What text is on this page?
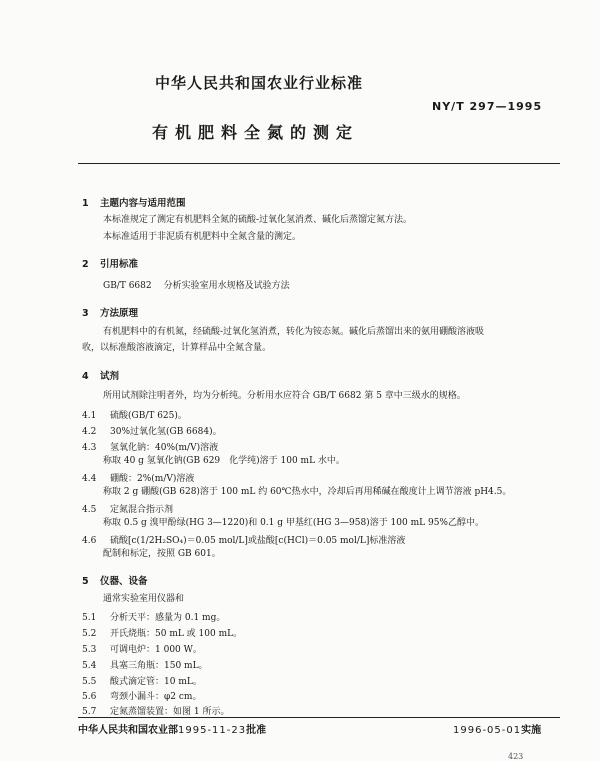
中华人民共和国农业行业标准
NY/T 297—1995
有机肥料全氮的测定
1 主题内容与适用范围
本标准规定了测定有机肥料全氮的硫酸-过氧化氢消煮、碱化后蒸馏定氮方法。
本标准适用于非泥质有机肥料中全氮含量的测定。
2 引用标准
GB/T 6682 分析实验室用水规格及试验方法
3 方法原理
有机肥料中的有机氮，经硫酸-过氧化氢消煮，转化为铵态氮。碱化后蒸馏出来的氨用硼酸溶液吸
收，以标准酸溶液滴定，计算样品中全氮含量。
4 试剂
所用试剂除注明者外，均为分析纯。分析用水应符合 GB/T 6682 第 5 章中三级水的规格。
4.1 硫酸(GB/T 625)。
4.2 30%过氧化氢(GB 6684)。
4.3 氢氧化钠：40%(m/V)溶液
称取 40 g 氢氧化钠(GB 629　化学纯)溶于 100 mL 水中。
4.4 硼酸：2%(m/V)溶液
称取 2 g 硼酸(GB 628)溶于 100 mL 约 60℃热水中，冷却后再用稀碱在酸度计上调节溶液 pH4.5。
4.5 定氮混合指示剂
称取 0.5 g 溴甲酚绿(HG 3—1220)和 0.1 g 甲基红(HG 3—958)溶于 100 mL 95%乙醇中。
4.6 硫酸[c(1/2H₂SO₄)＝0.05 mol/L]或盐酸[c(HCl)＝0.05 mol/L]标准溶液
配制和标定，按照 GB 601。
5 仪器、设备
通常实验室用仪器和
5.1 分析天平：感量为 0.1 mg。
5.2 开氏烧瓶：50 mL 或 100 mL。
5.3 可调电炉：1 000 W。
5.4 具塞三角瓶：150 mL。
5.5 酸式滴定管：10 mL。
5.6 弯颈小漏斗：φ2 cm。
5.7 定氮蒸馏装置：如图 1 所示。
中华人民共和国农业部1995-11-23批准	1996-05-01实施
423
